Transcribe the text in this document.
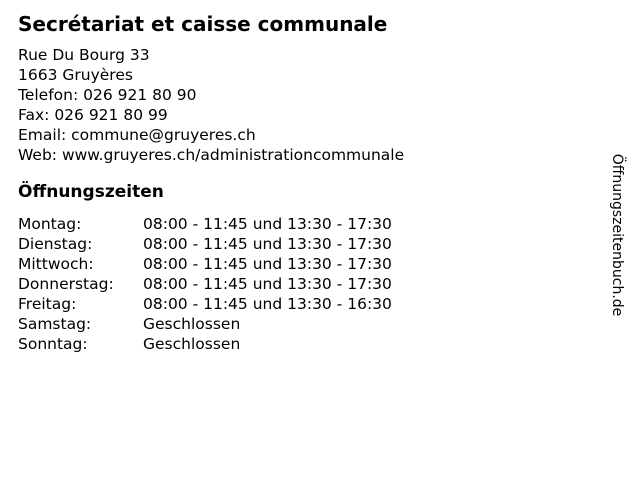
Secrétariat et caisse communale
Rue Du Bourg 33
1663 Gruyères
Telefon: 026 921 80 90
Fax: 026 921 80 99
Email: commune@gruyeres.ch
Web: www.gruyeres.ch/administrationcommunale
Öffnungszeiten
Montag:	08:00 - 11:45 und 13:30 - 17:30
Dienstag:	08:00 - 11:45 und 13:30 - 17:30
Mittwoch:	08:00 - 11:45 und 13:30 - 17:30
Donnerstag:	08:00 - 11:45 und 13:30 - 17:30
Freitag:	08:00 - 11:45 und 13:30 - 16:30
Samstag:	Geschlossen
Sonntag:	Geschlossen
Öffnungszeitenbuch.de
